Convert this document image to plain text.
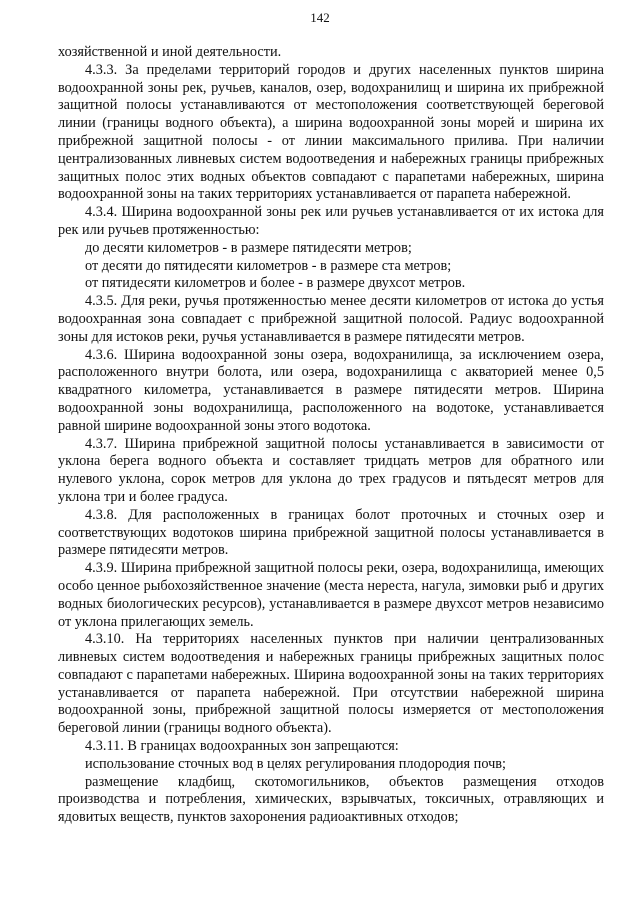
142

хозяйственной и иной деятельности.

4.3.3. За пределами территорий городов и других населенных пунктов ширина водоохранной зоны рек, ручьев, каналов, озер, водохранилищ и ширина их прибрежной защитной полосы устанавливаются от местоположения соответствующей береговой линии (границы водного объекта), а ширина водоохранной зоны морей и ширина их прибрежной защитной полосы - от линии максимального прилива. При наличии централизованных ливневых систем водоотведения и набережных границы прибрежных защитных полос этих водных объектов совпадают с парапетами набережных, ширина водоохранной зоны на таких территориях устанавливается от парапета набережной.

4.3.4. Ширина водоохранной зоны рек или ручьев устанавливается от их истока для рек или ручьев протяженностью:

до десяти километров - в размере пятидесяти метров;

от десяти до пятидесяти километров - в размере ста метров;

от пятидесяти километров и более - в размере двухсот метров.

4.3.5. Для реки, ручья протяженностью менее десяти километров от истока до устья водоохранная зона совпадает с прибрежной защитной полосой. Радиус водоохранной зоны для истоков реки, ручья устанавливается в размере пятидесяти метров.

4.3.6. Ширина водоохранной зоны озера, водохранилища, за исключением озера, расположенного внутри болота, или озера, водохранилища с акваторией менее 0,5 квадратного километра, устанавливается в размере пятидесяти метров. Ширина водоохранной зоны водохранилища, расположенного на водотоке, устанавливается равной ширине водоохранной зоны этого водотока.

4.3.7. Ширина прибрежной защитной полосы устанавливается в зависимости от уклона берега водного объекта и составляет тридцать метров для обратного или нулевого уклона, сорок метров для уклона до трех градусов и пятьдесят метров для уклона три и более градуса.

4.3.8. Для расположенных в границах болот проточных и сточных озер и соответствующих водотоков ширина прибрежной защитной полосы устанавливается в размере пятидесяти метров.

4.3.9. Ширина прибрежной защитной полосы реки, озера, водохранилища, имеющих особо ценное рыбохозяйственное значение (места нереста, нагула, зимовки рыб и других водных биологических ресурсов), устанавливается в размере двухсот метров независимо от уклона прилегающих земель.

4.3.10. На территориях населенных пунктов при наличии централизованных ливневых систем водоотведения и набережных границы прибрежных защитных полос совпадают с парапетами набережных. Ширина водоохранной зоны на таких территориях устанавливается от парапета набережной. При отсутствии набережной ширина водоохранной зоны, прибрежной защитной полосы измеряется от местоположения береговой линии (границы водного объекта).

4.3.11. В границах водоохранных зон запрещаются:

использование сточных вод в целях регулирования плодородия почв;

размещение кладбищ, скотомогильников, объектов размещения отходов производства и потребления, химических, взрывчатых, токсичных, отравляющих и ядовитых веществ, пунктов захоронения радиоактивных отходов;
